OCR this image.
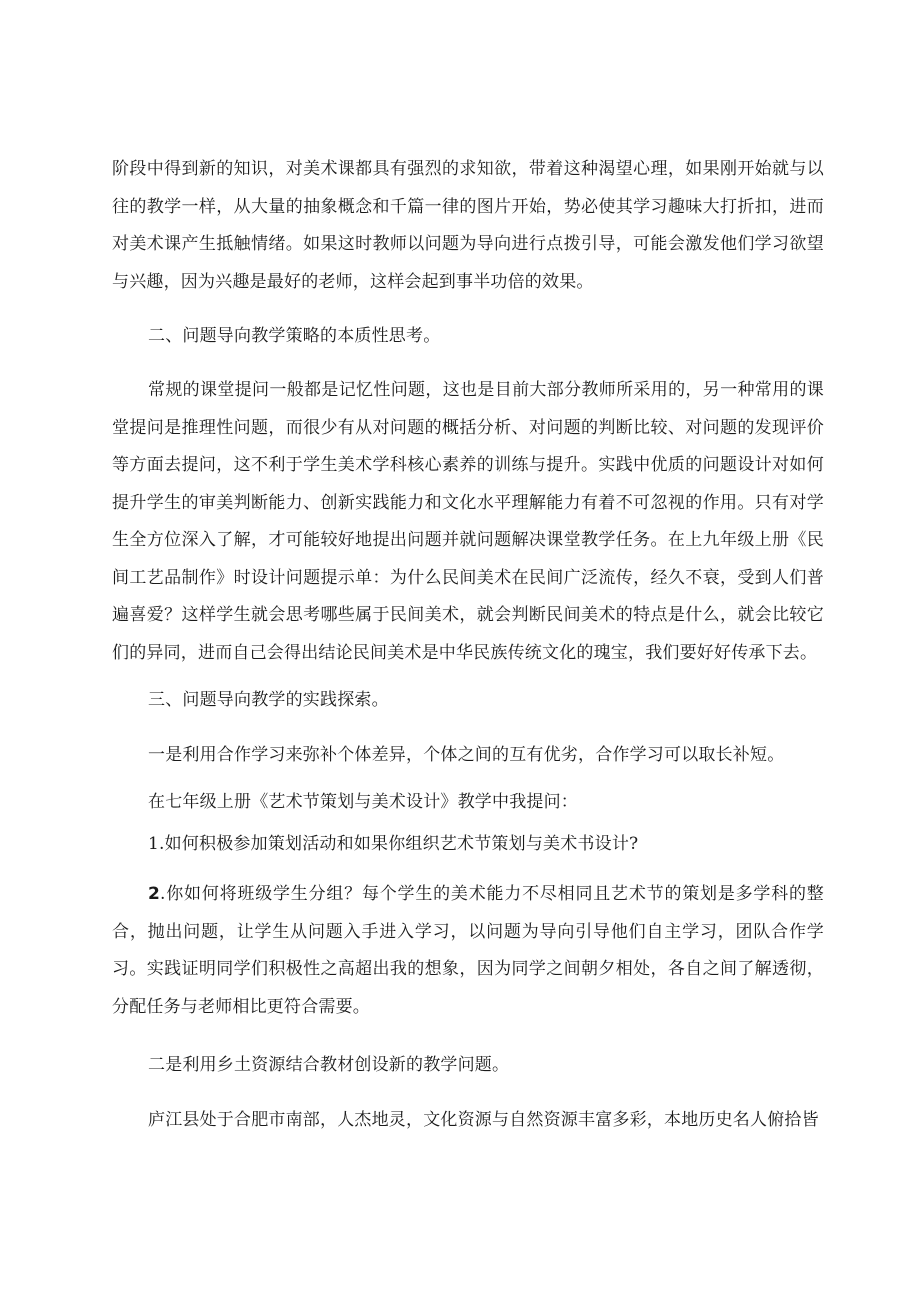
阶段中得到新的知识，对美术课都具有强烈的求知欲，带着这种渴望心理，如果刚开始就与以往的教学一样，从大量的抽象概念和千篇一律的图片开始，势必使其学习趣味大打折扣，进而对美术课产生抵触情绪。如果这时教师以问题为导向进行点拨引导，可能会激发他们学习欲望与兴趣，因为兴趣是最好的老师，这样会起到事半功倍的效果。

二、问题导向教学策略的本质性思考。

常规的课堂提问一般都是记忆性问题，这也是目前大部分教师所采用的，另一种常用的课堂提问是推理性问题，而很少有从对问题的概括分析、对问题的判断比较、对问题的发现评价等方面去提问，这不利于学生美术学科核心素养的训练与提升。实践中优质的问题设计对如何提升学生的审美判断能力、创新实践能力和文化水平理解能力有着不可忽视的作用。只有对学生全方位深入了解，才可能较好地提出问题并就问题解决课堂教学任务。在上九年级上册《民间工艺品制作》时设计问题提示单：为什么民间美术在民间广泛流传，经久不衰，受到人们普遍喜爱？这样学生就会思考哪些属于民间美术，就会判断民间美术的特点是什么，就会比较它们的异同，进而自己会得出结论民间美术是中华民族传统文化的瑰宝，我们要好好传承下去。

三、问题导向教学的实践探索。

一是利用合作学习来弥补个体差异，个体之间的互有优劣，合作学习可以取长补短。

在七年级上册《艺术节策划与美术设计》教学中我提问：

1.如何积极参加策划活动和如果你组织艺术节策划与美术书设计?

2.你如何将班级学生分组？每个学生的美术能力不尽相同且艺术节的策划是多学科的整合，抛出问题，让学生从问题入手进入学习，以问题为导向引导他们自主学习，团队合作学习。实践证明同学们积极性之高超出我的想象，因为同学之间朝夕相处，各自之间了解透彻，分配任务与老师相比更符合需要。

二是利用乡土资源结合教材创设新的教学问题。

庐江县处于合肥市南部，人杰地灵，文化资源与自然资源丰富多彩，本地历史名人俯拾皆
